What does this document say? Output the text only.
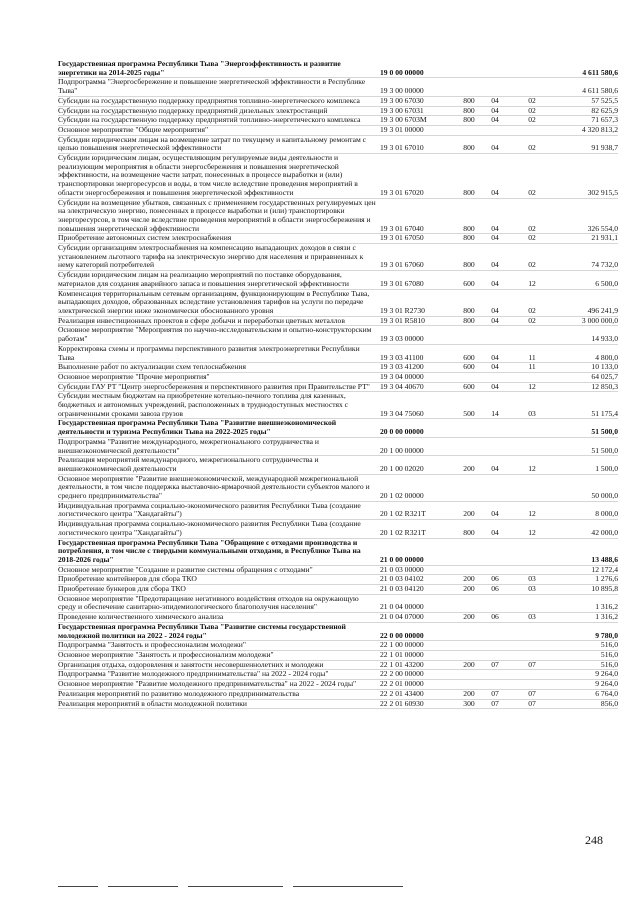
Государственная программа Республики Тыва "Энергоэффективность и развитие энергетики на 2014-2025 годы"	19 0 00 00000	4 611 580,6
Подпрограмма "Энергосбережение и повышение энергетической эффективности в Республике Тыва"	19 3 00 00000	4 611 580,6
Субсидии на государственную поддержку предприятия топливно-энергетического комплекса	19 3 00 67030	800	04	02	57 525,5
Субсидии на государственную поддержку предприятий дизельных электростанций	19 3 00 67031	800	04	02	82 625,9
Субсидии на государственную поддержку предприятий топливно-энергетического комплекса	19 3 00 6703М	800	04	02	71 657,3
Основное мероприятие "Общие мероприятия"	19 3 01 00000	4 320 813,2
Субсидии юридическим лицам на возмещение затрат по текущему и капитальному ремонтам с целью повышения энергетической эффективности	19 3 01 67010	800	04	02	91 938,7
Субсидии юридическим лицам, осуществляющим регулируемые виды деятельности и реализующим мероприятия в области энергосбережения и повышения энергетической эффективности, на возмещение части затрат, понесенных в процессе выработки и (или) транспортировки энергоресурсов и воды, в том числе вследствие проведения мероприятий в области энергосбережения и повышения энергетической эффективности	19 3 01 67020	800	04	02	302 915,5
Субсидии на возмещение убытков, связанных с применением государственных регулируемых цен на электрическую энергию, понесенных в процессе выработки и (или) транспортировки энергоресурсов, в том числе вследствие проведения мероприятий в области энергосбережения и повышения энергетической эффективности	19 3 01 67040	800	04	02	326 554,0
Приобретение автономных систем электроснабжения	19 3 01 67050	800	04	02	21 931,1
Субсидии организациям электроснабжения на компенсацию выпадающих доходов в связи с установлением льготного тарифа на электрическую энергию для населения и приравненных к нему категорий потребителей	19 3 01 67060	800	04	02	74 732,0
Субсидии юридическим лицам на реализацию мероприятий по поставке оборудования, материалов для создания аварийного запаса и повышения энергетической эффективности	19 3 01 67080	600	04	12	6 500,0
Компенсация территориальным сетевым организациям, функционирующим в Республике Тыва, выпадающих доходов, образованных вследствие установления тарифов на услуги по передаче электрической энергии ниже экономически обоснованного уровня	19 3 01 R2730	800	04	02	496 241,9
Реализация инвестиционных проектов в сфере добычи и переработки цветных металлов	19 3 01 R5810	800	04	02	3 000 000,0
Основное мероприятие "Мероприятия по научно-исследовательским и опытно-конструкторским работам"	19 3 03 00000	14 933,0
Корректировка схемы и программы перспективного развития электроэнергетики Республики Тыва	19 3 03 41100	600	04	11	4 800,0
Выполнение работ по актуализации схем теплоснабжения	19 3 03 41200	600	04	11	10 133,0
Основное мероприятие "Прочие мероприятия"	19 3 04 00000	64 025,7
Субсидии ГАУ РТ "Центр энергосбережения и перспективного развития при Правительстве РТ"	19 3 04 40670	600	04	12	12 850,3
Субсидии местным бюджетам на приобретение котельно-печного топлива для казенных, бюджетных и автономных учреждений, расположенных в труднодоступных местностях с ограниченными сроками завоза грузов	19 3 04 75060	500	14	03	51 175,4
Государственная программа Республики Тыва "Развитие внешнеэкономической деятельности и туризма Республики Тыва на 2022-2025 годы"	20 0 00 00000	51 500,0
Подпрограмма "Развитие международного, межрегионального сотрудничества и внешнеэкономической деятельности"	20 1 00 00000	51 500,0
Реализация мероприятий международного, межрегионального сотрудничества и внешнеэкономической деятельности	20 1 00 02020	200	04	12	1 500,0
Основное мероприятие "Развитие внешнеэкономической, международной межрегиональной деятельности, в том числе поддержка выставочно-ярмарочной деятельности субъектов малого и среднего предпринимательства"	20 1 02 00000	50 000,0
Индивидуальная программа социально-экономического развития Республики Тыва (создание логистического центра "Хандагайты")	20 1 02 R321T	200	04	12	8 000,0
Индивидуальная программа социально-экономического развития Республики Тыва (создание логистического центра "Хандагайты")	20 1 02 R321T	800	04	12	42 000,0
Государственная программа Республики Тыва "Обращение с отходами производства и потребления, в том числе с твердыми коммунальными отходами, в Республике Тыва на 2018-2026 годы"	21 0 00 00000	13 488,6
Основное мероприятие "Создание и развитие системы обращения с отходами"	21 0 03 00000	12 172,4
Приобретение контейнеров для сбора ТКО	21 0 03 04102	200	06	03	1 276,6
Приобретение бункеров для сбора ТКО	21 0 03 04120	200	06	03	10 895,8
Основное мероприятие "Предотвращение негативного воздействия отходов на окружающую среду и обеспечение санитарно-эпидемиологического благополучия населения"	21 0 04 00000	1 316,2
Проведение количественного химического анализа	21 0 04 07000	200	06	03	1 316,2
Государственная программа Республики Тыва "Развитие системы государственной молодежной политики на 2022 - 2024 годы"	22 0 00 00000	9 780,0
Подпрограмма "Занятость и профессионализм молодежи"	22 1 00 00000	516,0
Основное мероприятие "Занятость и профессионализм молодежи"	22 1 01 00000	516,0
Организация отдыха, оздоровления и занятости несовершеннолетних и молодежи	22 1 01 43200	200	07	07	516,0
Подпрограмма "Развитие молодежного предпринимательства" на 2022 - 2024 годы"	22 2 00 00000	9 264,0
Основное мероприятие "Развитие молодежного предпринимательства" на 2022 - 2024 годы"	22 2 01 00000	9 264,0
Реализация мероприятий по развитию молодежного предпринимательства	22 2 01 43400	200	07	07	6 764,0
Реализация мероприятий в области молодежной политики	22 2 01 60930	300	07	07	856,0
248
